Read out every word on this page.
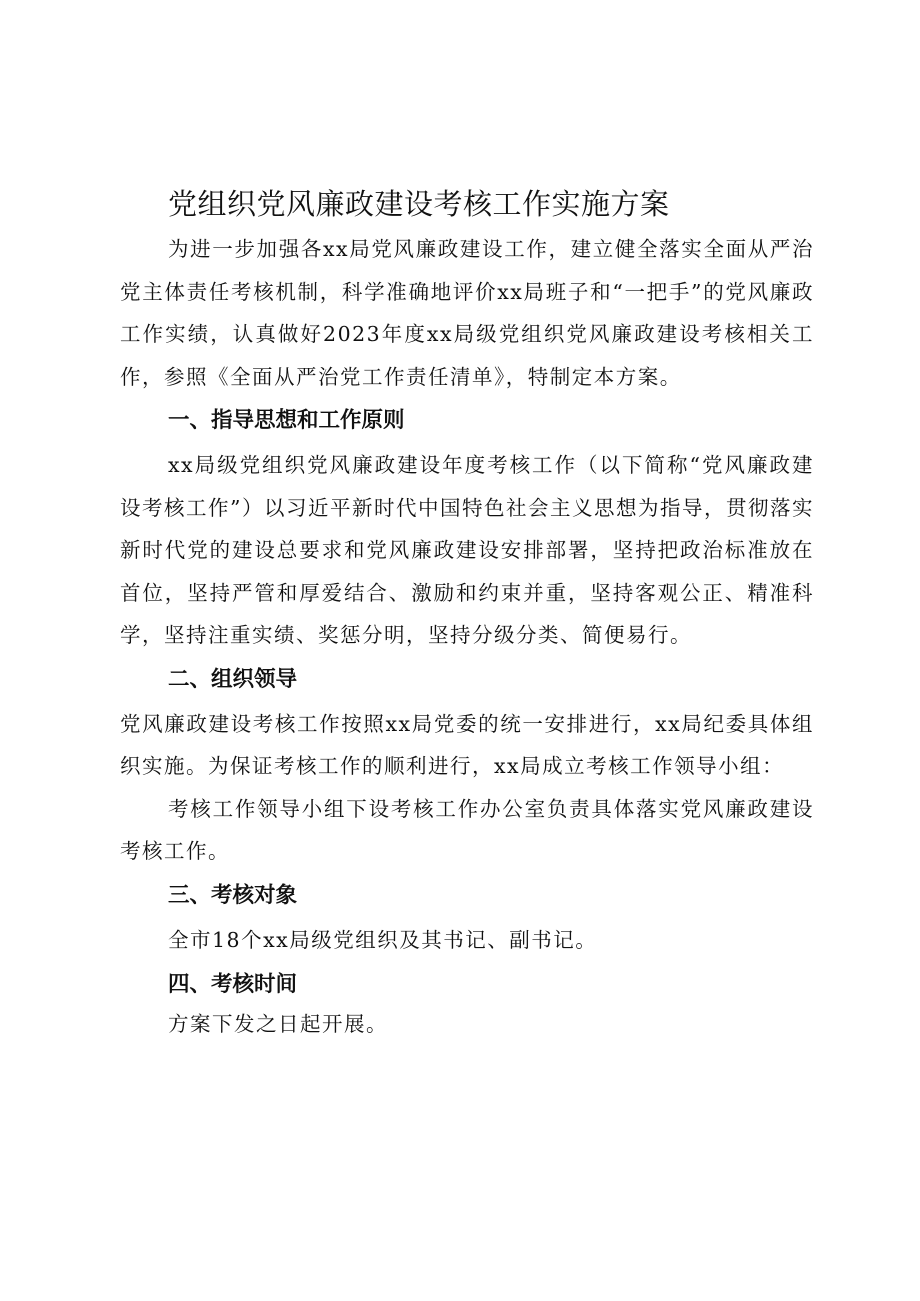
党组织党风廉政建设考核工作实施方案

为进一步加强各xx局党风廉政建设工作，建立健全落实全面从严治党主体责任考核机制，科学准确地评价xx局班子和“一把手”的党风廉政工作实绩，认真做好2023年度xx局级党组织党风廉政建设考核相关工作，参照《全面从严治党工作责任清单》，特制定本方案。

一、指导思想和工作原则

xx局级党组织党风廉政建设年度考核工作（以下简称“党风廉政建设考核工作”）以习近平新时代中国特色社会主义思想为指导，贯彻落实新时代党的建设总要求和党风廉政建设安排部署，坚持把政治标准放在首位，坚持严管和厚爱结合、激励和约束并重，坚持客观公正、精准科学，坚持注重实绩、奖惩分明，坚持分级分类、简便易行。

二、组织领导

党风廉政建设考核工作按照xx局党委的统一安排进行，xx局纪委具体组织实施。为保证考核工作的顺利进行，xx局成立考核工作领导小组：

考核工作领导小组下设考核工作办公室负责具体落实党风廉政建设考核工作。

三、考核对象

全市18个xx局级党组织及其书记、副书记。

四、考核时间

方案下发之日起开展。
